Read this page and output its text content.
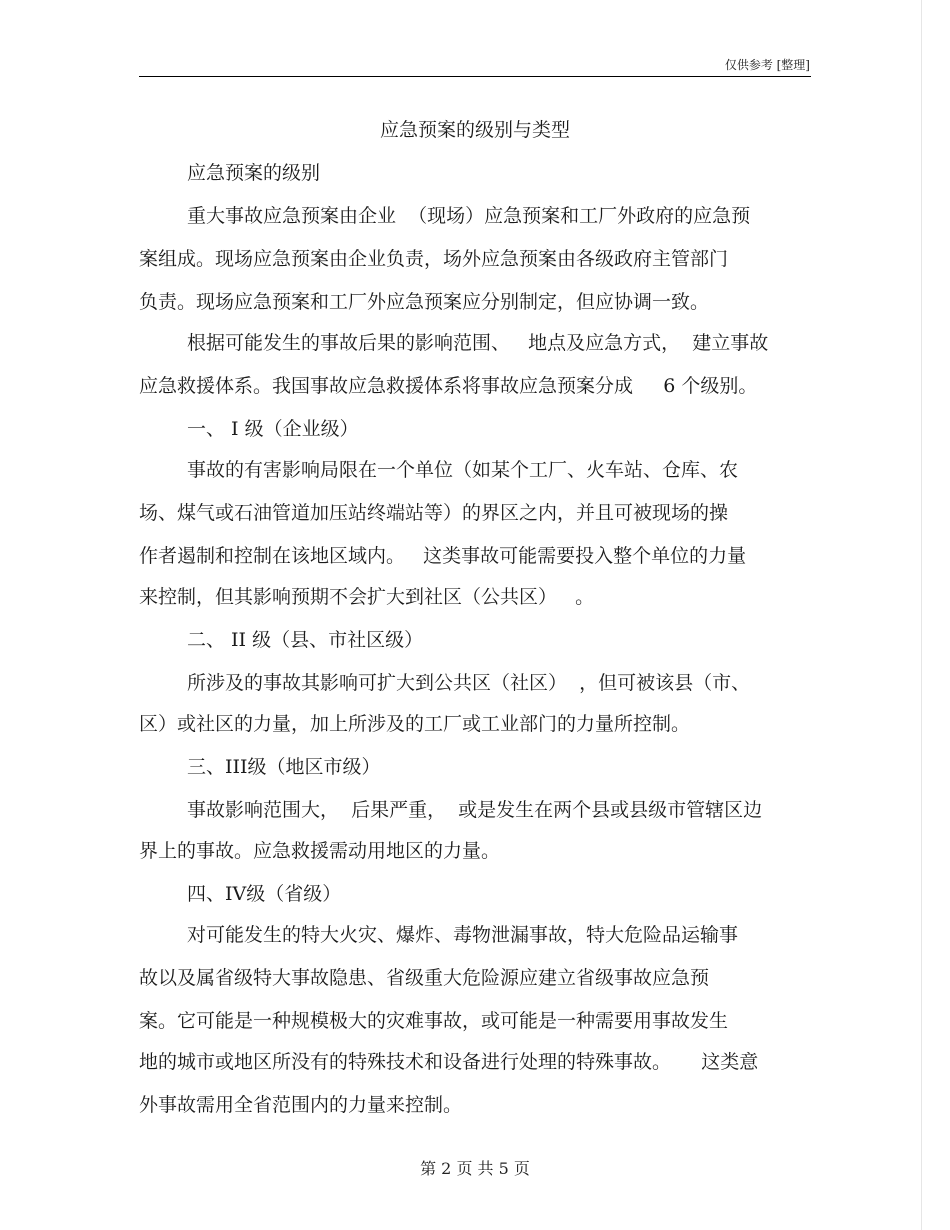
仅供参考 [整理]
应急预案的级别与类型
应急预案的级别
重大事故应急预案由企业  （现场）应急预案和工厂外政府的应急预
案组成。现场应急预案由企业负责，场外应急预案由各级政府主管部门
负责。现场应急预案和工厂外应急预案应分别制定，但应协调一致。
根据可能发生的事故后果的影响范围、   地点及应急方式，  建立事故
应急救援体系。我国事故应急救援体系将事故应急预案分成     6 个级别。
一、 I 级（企业级）
事故的有害影响局限在一个单位（如某个工厂、火车站、仓库、农
场、煤气或石油管道加压站终端站等）的界区之内，并且可被现场的操
作者遏制和控制在该地区域内。   这类事故可能需要投入整个单位的力量
来控制，但其影响预期不会扩大到社区（公共区）   。
二、 II 级（县、市社区级）
所涉及的事故其影响可扩大到公共区（社区）  ，但可被该县（市、
区）或社区的力量，加上所涉及的工厂或工业部门的力量所控制。
三、III级（地区市级）
事故影响范围大，  后果严重，  或是发生在两个县或县级市管辖区边
界上的事故。应急救援需动用地区的力量。
四、IV级（省级）
对可能发生的特大火灾、爆炸、毒物泄漏事故，特大危险品运输事
故以及属省级特大事故隐患、省级重大危险源应建立省级事故应急预
案。它可能是一种规模极大的灾难事故，或可能是一种需要用事故发生
地的城市或地区所没有的特殊技术和设备进行处理的特殊事故。     这类意
外事故需用全省范围内的力量来控制。
第 2 页 共 5 页
